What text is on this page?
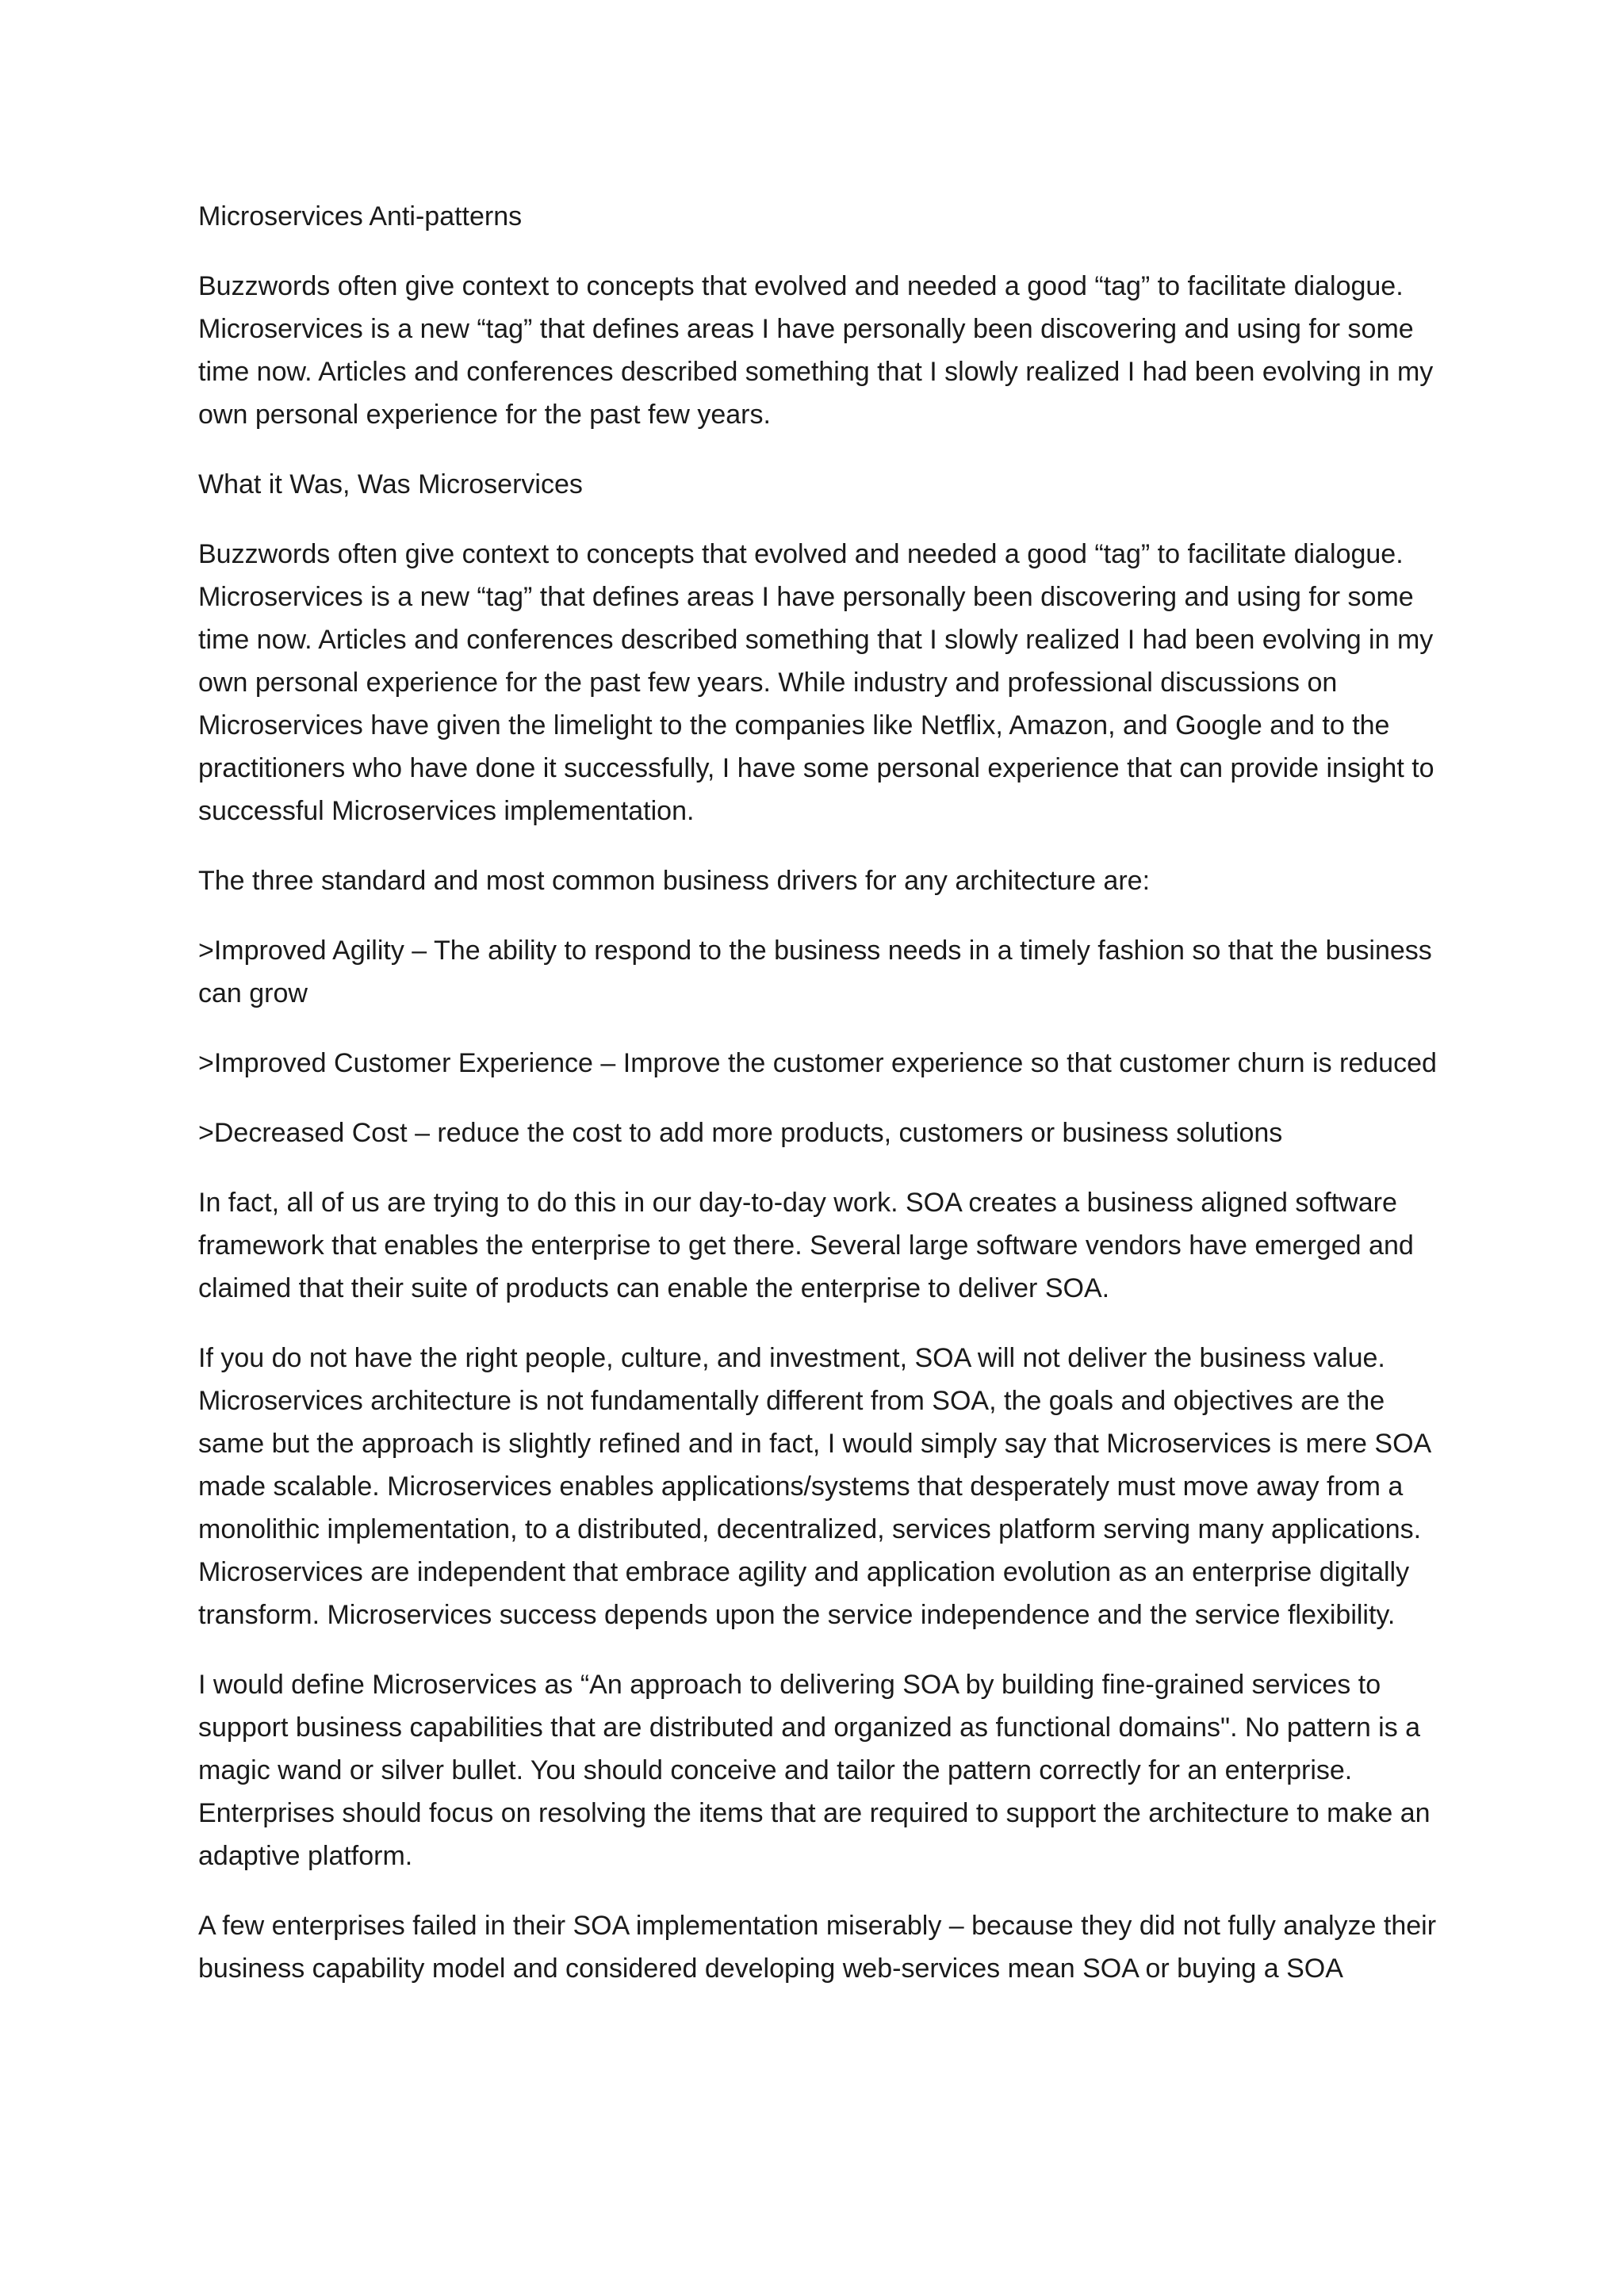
Microservices Anti-patterns

Buzzwords often give context to concepts that evolved and needed a good “tag” to facilitate dialogue. Microservices is a new “tag” that defines areas I have personally been discovering and using for some time now. Articles and conferences described something that I slowly realized I had been evolving in my own personal experience for the past few years.

What it Was, Was Microservices

Buzzwords often give context to concepts that evolved and needed a good “tag” to facilitate dialogue. Microservices is a new “tag” that defines areas I have personally been discovering and using for some time now. Articles and conferences described something that I slowly realized I had been evolving in my own personal experience for the past few years. While industry and professional discussions on Microservices have given the limelight to the companies like Netflix, Amazon, and Google and to the practitioners who have done it successfully, I have some personal experience that can provide insight to successful Microservices implementation.

The three standard and most common business drivers for any architecture are:

>Improved Agility – The ability to respond to the business needs in a timely fashion so that the business can grow

>Improved Customer Experience – Improve the customer experience so that customer churn is reduced

>Decreased Cost – reduce the cost to add more products, customers or business solutions

In fact, all of us are trying to do this in our day-to-day work. SOA creates a business aligned software framework that enables the enterprise to get there. Several large software vendors have emerged and claimed that their suite of products can enable the enterprise to deliver SOA.

If you do not have the right people, culture, and investment, SOA will not deliver the business value. Microservices architecture is not fundamentally different from SOA, the goals and objectives are the same but the approach is slightly refined and in fact, I would simply say that Microservices is mere SOA made scalable. Microservices enables applications/systems that desperately must move away from a monolithic implementation, to a distributed, decentralized, services platform serving many applications. Microservices are independent that embrace agility and application evolution as an enterprise digitally transform. Microservices success depends upon the service independence and the service flexibility.

I would define Microservices as “An approach to delivering SOA by building fine-grained services to support business capabilities that are distributed and organized as functional domains". No pattern is a magic wand or silver bullet. You should conceive and tailor the pattern correctly for an enterprise. Enterprises should focus on resolving the items that are required to support the architecture to make an adaptive platform.

A few enterprises failed in their SOA implementation miserably – because they did not fully analyze their business capability model and considered developing web-services mean SOA or buying a SOA
